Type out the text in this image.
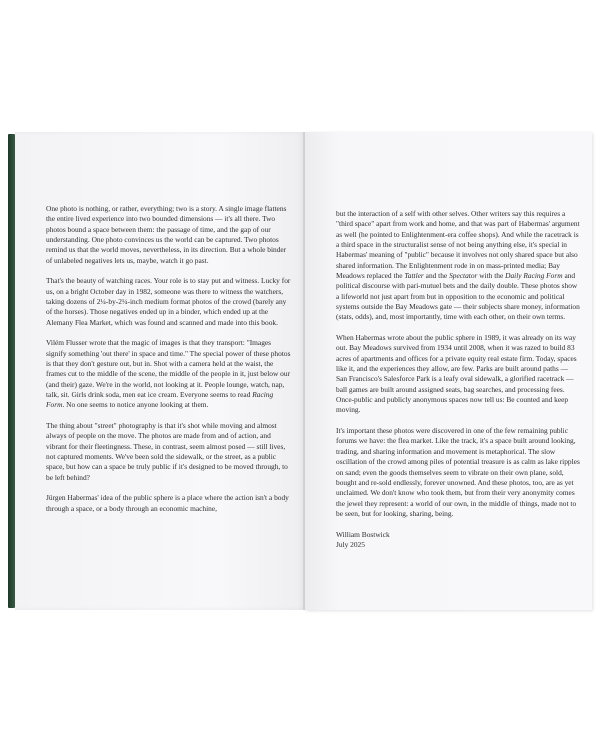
One photo is nothing, or rather, everything; two is a story. A single image flattens the entire lived experience into two bounded dimensions — it's all there. Two photos bound a space between them: the passage of time, and the gap of our understanding. One photo convinces us the world can be captured. Two photos remind us that the world moves, nevertheless, in its direction. But a whole binder of unlabeled negatives lets us, maybe, watch it go past.

That's the beauty of watching races. Your role is to stay put and witness. Lucky for us, on a bright October day in 1982, someone was there to witness the watchers, taking dozens of 2¼-by-2¼-inch medium format photos of the crowd (barely any of the horses). Those negatives ended up in a binder, which ended up at the Alemany Flea Market, which was found and scanned and made into this book.

Vilém Flusser wrote that the magic of images is that they transport: "Images signify something 'out there' in space and time." The special power of these photos is that they don't gesture out, but in. Shot with a camera held at the waist, the frames cut to the middle of the scene, the middle of the people in it, just below our (and their) gaze. We're in the world, not looking at it. People lounge, watch, nap, talk, sit. Girls drink soda, men eat ice cream. Everyone seems to read Racing Form. No one seems to notice anyone looking at them.

The thing about "street" photography is that it's shot while moving and almost always of people on the move. The photos are made from and of action, and vibrant for their fleetingness. These, in contrast, seem almost posed — still lives, not captured moments. We've been sold the sidewalk, or the street, as a public space, but how can a space be truly public if it's designed to be moved through, to be left behind?

Jürgen Habermas' idea of the public sphere is a place where the action isn't a body through a space, or a body through an economic machine,

but the interaction of a self with other selves. Other writers say this requires a "third space" apart from work and home, and that was part of Habermas' argument as well (he pointed to Enlightenment-era coffee shops). And while the racetrack is a third space in the structuralist sense of not being anything else, it's special in Habermas' meaning of "public" because it involves not only shared space but also shared information. The Enlightenment rode in on mass-printed media; Bay Meadows replaced the Tattler and the Spectator with the Daily Racing Form and political discourse with pari-mutuel bets and the daily double. These photos show a lifeworld not just apart from but in opposition to the economic and political systems outside the Bay Meadows gate — their subjects share money, information (stats, odds), and, most importantly, time with each other, on their own terms.

When Habermas wrote about the public sphere in 1989, it was already on its way out. Bay Meadows survived from 1934 until 2008, when it was razed to build 83 acres of apartments and offices for a private equity real estate firm. Today, spaces like it, and the experiences they allow, are few. Parks are built around paths — San Francisco's Salesforce Park is a leafy oval sidewalk, a glorified racetrack — ball games are built around assigned seats, bag searches, and processing fees. Once-public and publicly anonymous spaces now tell us: Be counted and keep moving.

It's important these photos were discovered in one of the few remaining public forums we have: the flea market. Like the track, it's a space built around looking, trading, and sharing information and movement is metaphorical. The slow oscillation of the crowd among piles of potential treasure is as calm as lake ripples on sand; even the goods themselves seem to vibrate on their own plane, sold, bought and re-sold endlessly, forever unowned. And these photos, too, are as yet unclaimed. We don't know who took them, but from their very anonymity comes the jewel they represent: a world of our own, in the middle of things, made not to be seen, but for looking, sharing, being.

William Bostwick
July 2025
